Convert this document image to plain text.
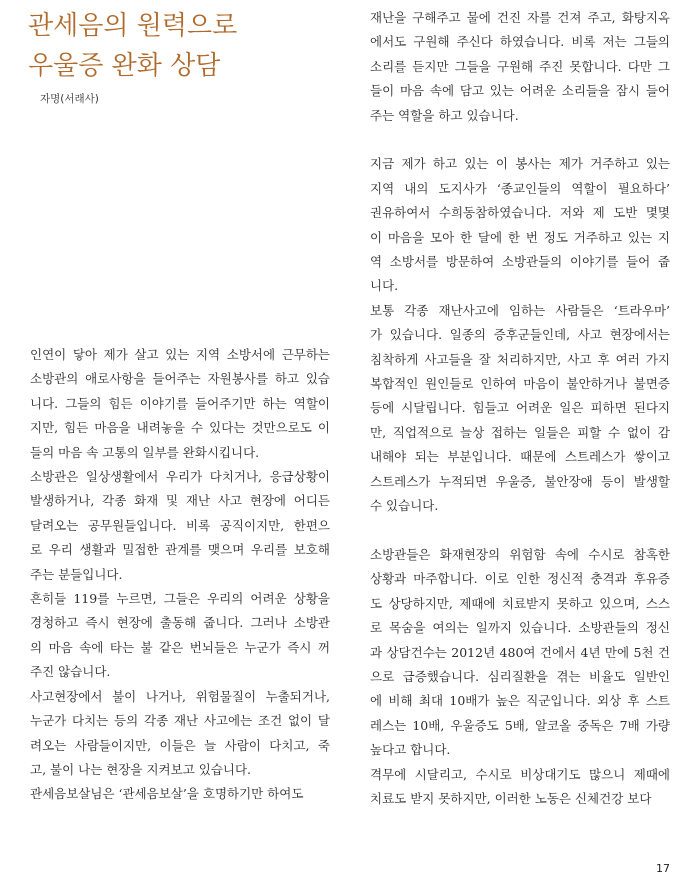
관세음의 원력으로
우울증 완화 상담
자명(서래사)

인연이 닿아 제가 살고 있는 지역 소방서에 근무하는
소방관의 애로사항을 들어주는 자원봉사를 하고 있습
니다. 그들의 힘든 이야기를 들어주기만 하는 역할이
지만, 힘든 마음을 내려놓을 수 있다는 것만으로도 이
들의 마음 속 고통의 일부를 완화시킵니다.

소방관은 일상생활에서 우리가 다치거나, 응급상황이
발생하거나, 각종 화재 및 재난 사고 현장에 어디든
달려오는 공무원들입니다. 비록 공직이지만, 한편으
로 우리 생활과 밀접한 관계를 맺으며 우리를 보호해
주는 분들입니다.

흔히들 119를 누르면, 그들은 우리의 어려운 상황을
경청하고 즉시 현장에 출동해 줍니다. 그러나 소방관
의 마음 속에 타는 불 같은 번뇌들은 누군가 즉시 꺼
주진 않습니다.

사고현장에서 불이 나거나, 위험물질이 누출되거나,
누군가 다치는 등의 각종 재난 사고에는 조건 없이 달
려오는 사람들이지만, 이들은 늘 사람이 다치고, 죽
고, 불이 나는 현장을 지켜보고 있습니다.

관세음보살님은 ‘관세음보살’을 호명하기만 하여도

재난을 구해주고 물에 건진 자를 건져 주고, 화탕지옥
에서도 구원해 주신다 하였습니다. 비록 저는 그들의
소리를 듣지만 그들을 구원해 주진 못합니다. 다만 그
들이 마음 속에 담고 있는 어려운 소리들을 잠시 들어
주는 역할을 하고 있습니다.

지금 제가 하고 있는 이 봉사는 제가 거주하고 있는
지역 내의 도지사가 ‘종교인들의 역할이 필요하다’
권유하여서 수희동참하였습니다. 저와 제 도반 몇몇
이 마음을 모아 한 달에 한 번 정도 거주하고 있는 지
역 소방서를 방문하여 소방관들의 이야기를 들어 줍
니다.

보통 각종 재난사고에 임하는 사람들은 ‘트라우마’
가 있습니다. 일종의 증후군들인데, 사고 현장에서는
침착하게 사고들을 잘 처리하지만, 사고 후 여러 가지
복합적인 원인들로 인하여 마음이 불안하거나 불면증
등에 시달립니다. 힘들고 어려운 일은 피하면 된다지
만, 직업적으로 늘상 접하는 일들은 피할 수 없이 감
내해야 되는 부분입니다. 때문에 스트레스가 쌓이고
스트레스가 누적되면 우울증, 불안장애 등이 발생할
수 있습니다.

소방관들은 화재현장의 위험함 속에 수시로 참혹한
상황과 마주합니다. 이로 인한 정신적 충격과 후유증
도 상당하지만, 제때에 치료받지 못하고 있으며, 스스
로 목숨을 여의는 일까지 있습니다. 소방관들의 정신
과 상담건수는 2012년 480여 건에서 4년 만에 5천 건
으로 급증했습니다. 심리질환을 겪는 비율도 일반인
에 비해 최대 10배가 높은 직군입니다. 외상 후 스트
레스는 10배, 우울증도 5배, 알코올 중독은 7배 가량
높다고 합니다.

격무에 시달리고, 수시로 비상대기도 많으니 제때에
치료도 받지 못하지만, 이러한 노동은 신체건강 보다

17
